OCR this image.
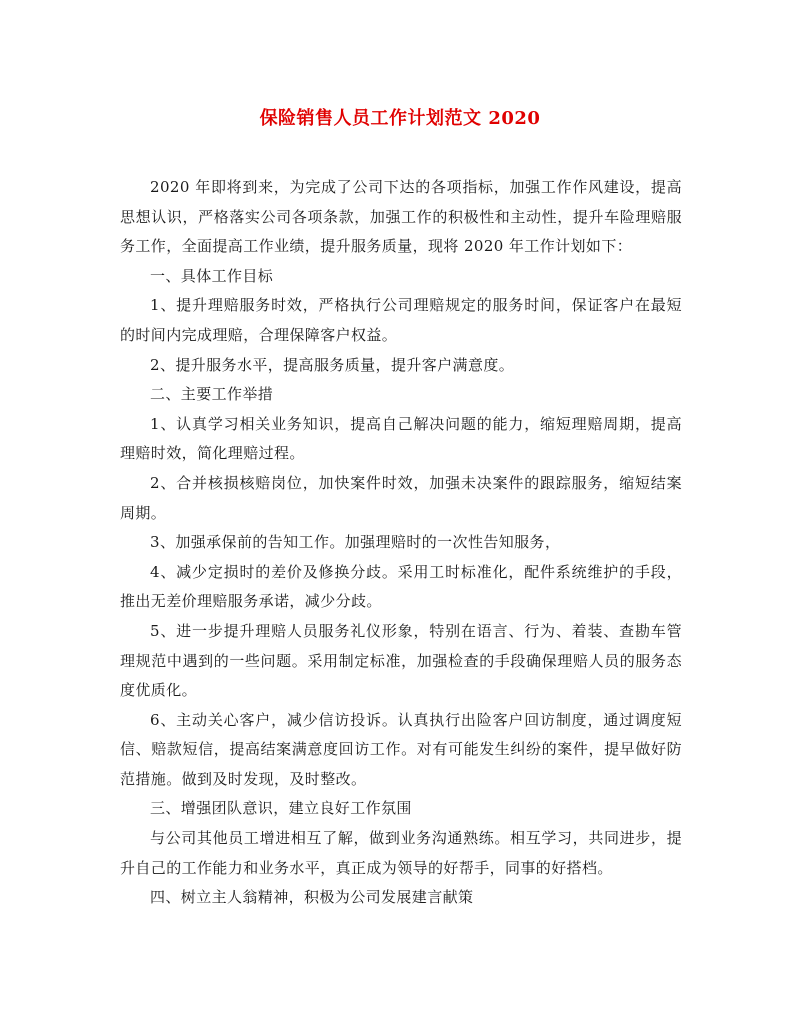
保险销售人员工作计划范文 2020

2020 年即将到来，为完成了公司下达的各项指标，加强工作作风建设，提高思想认识，严格落实公司各项条款，加强工作的积极性和主动性，提升车险理赔服务工作，全面提高工作业绩，提升服务质量，现将 2020 年工作计划如下：

一、具体工作目标

1、提升理赔服务时效，严格执行公司理赔规定的服务时间，保证客户在最短的时间内完成理赔，合理保障客户权益。

2、提升服务水平，提高服务质量，提升客户满意度。

二、主要工作举措

1、认真学习相关业务知识，提高自己解决问题的能力，缩短理赔周期，提高理赔时效，简化理赔过程。

2、合并核损核赔岗位，加快案件时效，加强未决案件的跟踪服务，缩短结案周期。

3、加强承保前的告知工作。加强理赔时的一次性告知服务，

4、减少定损时的差价及修换分歧。采用工时标准化，配件系统维护的手段，推出无差价理赔服务承诺，减少分歧。

5、进一步提升理赔人员服务礼仪形象，特别在语言、行为、着装、查勘车管理规范中遇到的一些问题。采用制定标准，加强检查的手段确保理赔人员的服务态度优质化。

6、主动关心客户，减少信访投诉。认真执行出险客户回访制度，通过调度短信、赔款短信，提高结案满意度回访工作。对有可能发生纠纷的案件，提早做好防范措施。做到及时发现，及时整改。

三、增强团队意识，建立良好工作氛围

与公司其他员工增进相互了解，做到业务沟通熟练。相互学习，共同进步，提升自己的工作能力和业务水平，真正成为领导的好帮手，同事的好搭档。

四、树立主人翁精神，积极为公司发展建言献策
